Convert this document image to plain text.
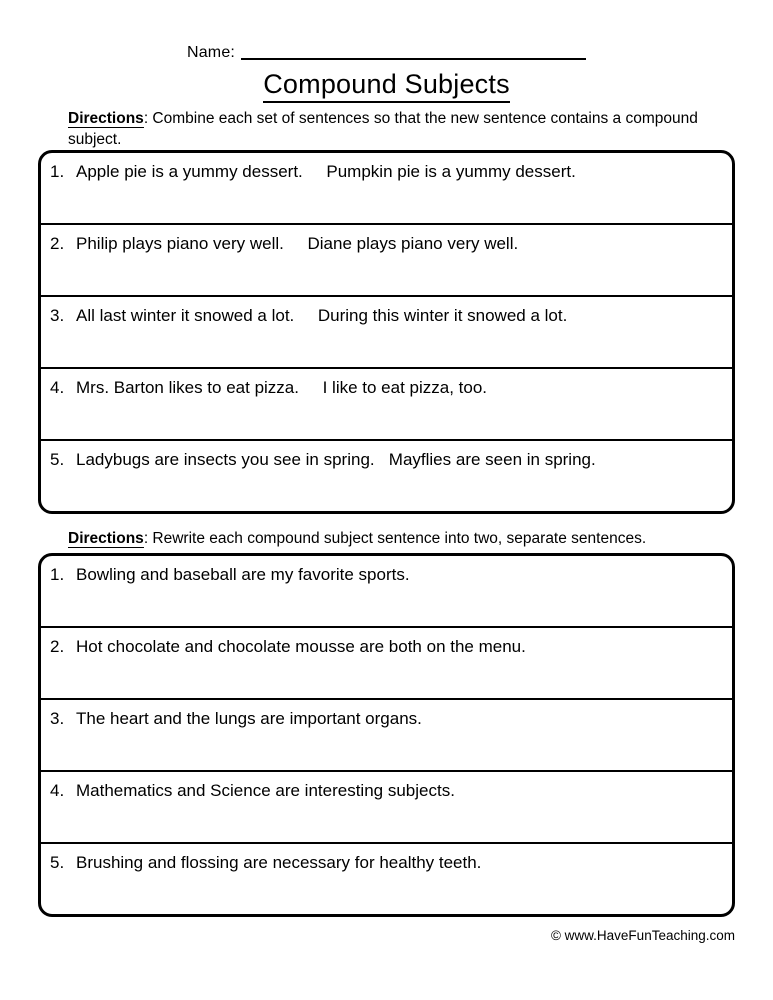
Name:
Compound Subjects
Directions: Combine each set of sentences so that the new sentence contains a compound subject.
1. Apple pie is a yummy dessert.     Pumpkin pie is a yummy dessert.
2. Philip plays piano very well.     Diane plays piano very well.
3. All last winter it snowed a lot.     During this winter it snowed a lot.
4. Mrs. Barton likes to eat pizza.     I like to eat pizza, too.
5. Ladybugs are insects you see in spring.   Mayflies are seen in spring.
Directions: Rewrite each compound subject sentence into two, separate sentences.
1. Bowling and baseball are my favorite sports.
2. Hot chocolate and chocolate mousse are both on the menu.
3. The heart and the lungs are important organs.
4. Mathematics and Science are interesting subjects.
5. Brushing and flossing are necessary for healthy teeth.
© www.HaveFunTeaching.com
